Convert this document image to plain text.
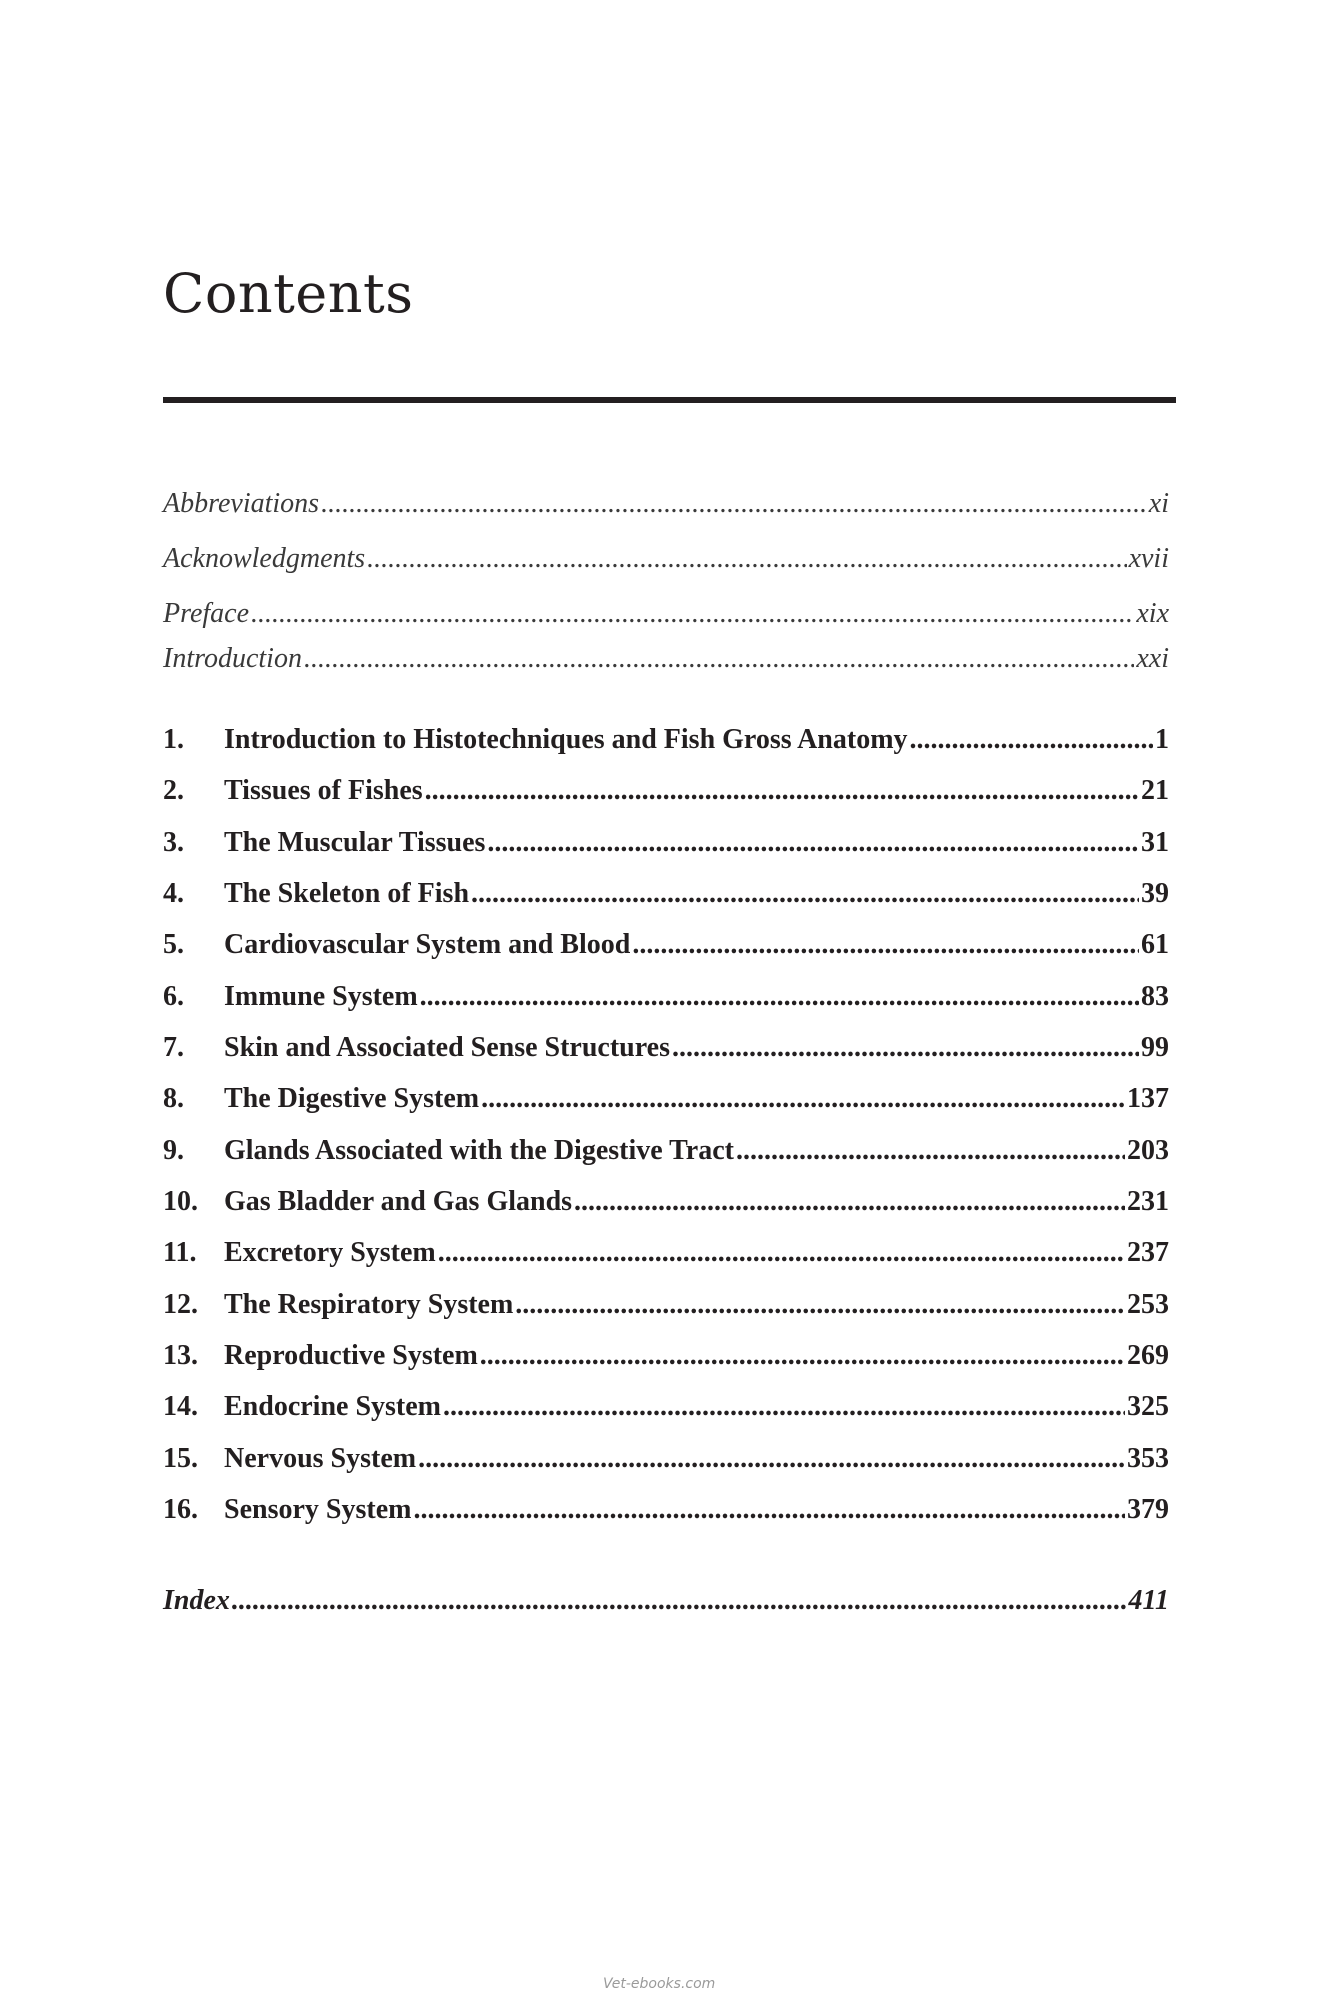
Contents
Abbreviations .....	xi
Acknowledgments .....	xvii
Preface .....	xix
Introduction .....	xxi
1.	Introduction to Histotechniques and Fish Gross Anatomy .....	1
2.	Tissues of Fishes .....	21
3.	The Muscular Tissues .....	31
4.	The Skeleton of Fish .....	39
5.	Cardiovascular System and Blood .....	61
6.	Immune System .....	83
7.	Skin and Associated Sense Structures .....	99
8.	The Digestive System .....	137
9.	Glands Associated with the Digestive Tract .....	203
10. Gas Bladder and Gas Glands .....	231
11. Excretory System .....	237
12. The Respiratory System .....	253
13. Reproductive System .....	269
14. Endocrine System .....	325
15. Nervous System .....	353
16. Sensory System .....	379
Index .....	411
Vet-ebooks.com
